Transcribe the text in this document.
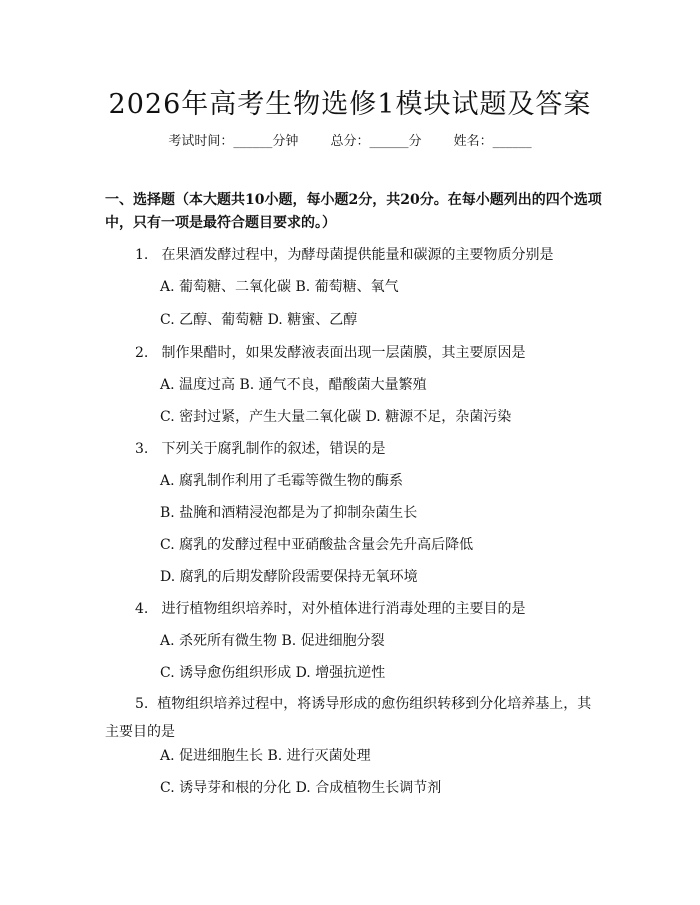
2026年高考生物选修1模块试题及答案
考试时间：______分钟 总分：______分 姓名：______
一、选择题（本大题共10小题，每小题2分，共20分。在每小题列出的四个选项中，只有一项是最符合题目要求的。）
1. 在果酒发酵过程中，为酵母菌提供能量和碳源的主要物质分别是
A. 葡萄糖、二氧化碳 B. 葡萄糖、氧气
C. 乙醇、葡萄糖 D. 糖蜜、乙醇
2. 制作果醋时，如果发酵液表面出现一层菌膜，其主要原因是
A. 温度过高 B. 通气不良，醋酸菌大量繁殖
C. 密封过紧，产生大量二氧化碳 D. 糖源不足，杂菌污染
3. 下列关于腐乳制作的叙述，错误的是
A. 腐乳制作利用了毛霉等微生物的酶系
B. 盐腌和酒精浸泡都是为了抑制杂菌生长
C. 腐乳的发酵过程中亚硝酸盐含量会先升高后降低
D. 腐乳的后期发酵阶段需要保持无氧环境
4. 进行植物组织培养时，对外植体进行消毒处理的主要目的是
A. 杀死所有微生物 B. 促进细胞分裂
C. 诱导愈伤组织形成 D. 增强抗逆性
5. 植物组织培养过程中，将诱导形成的愈伤组织转移到分化培养基上，其主要目的是
A. 促进细胞生长 B. 进行灭菌处理
C. 诱导芽和根的分化 D. 合成植物生长调节剂
